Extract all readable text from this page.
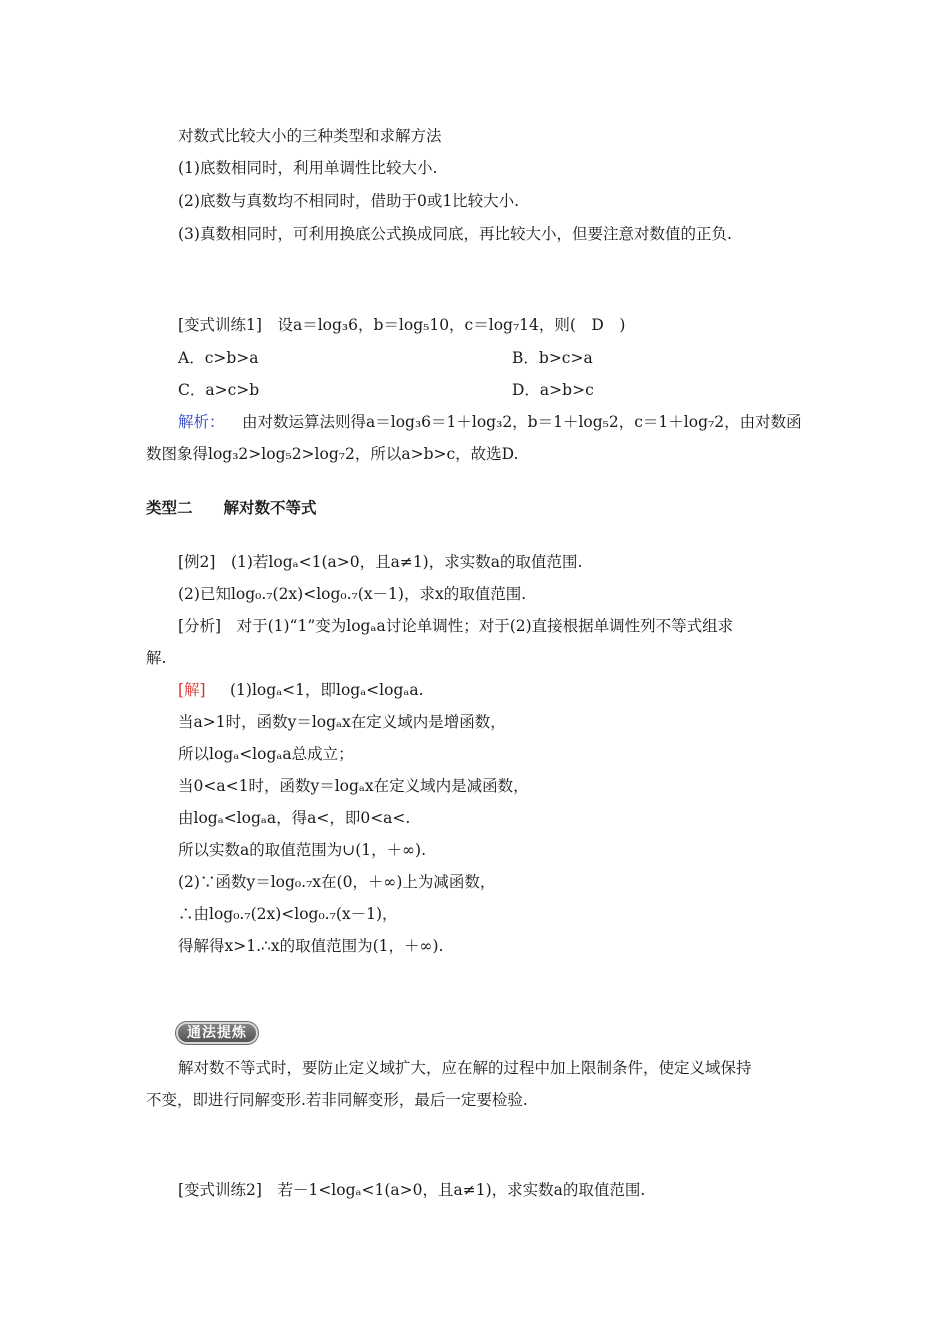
对数式比较大小的三种类型和求解方法
(1)底数相同时，利用单调性比较大小.
(2)底数与真数均不相同时，借助于0或1比较大小.
(3)真数相同时，可利用换底公式换成同底，再比较大小，但要注意对数值的正负.
[变式训练1]　设a＝log₃6，b＝log₅10，c＝log₇14，则(　D　)
A．c>b>a	B．b>c>a
C．a>c>b	D．a>b>c
解析： 由对数运算法则得a＝log₃6＝1＋log₃2，b＝1＋log₅2，c＝1＋log₇2，由对数函
数图象得log₃2>log₅2>log₇2，所以a>b>c，故选D.
类型二　　解对数不等式
[例2]　(1)若logₐ<1(a>0，且a≠1)，求实数a的取值范围.
(2)已知log₀.₇(2x)<log₀.₇(x－1)，求x的取值范围.
[分析]　对于(1)“1”变为logₐa讨论单调性；对于(2)直接根据单调性列不等式组求
解.
[解] (1)logₐ<1，即logₐ<logₐa.
当a>1时，函数y＝logₐx在定义域内是增函数，
所以logₐ<logₐa总成立；
当0<a<1时，函数y＝logₐx在定义域内是减函数，
由logₐ<logₐa，得a<，即0<a<.
所以实数a的取值范围为∪(1，＋∞).
(2)∵函数y＝log₀.₇x在(0，＋∞)上为减函数，
∴由log₀.₇(2x)<log₀.₇(x－1)，
得解得x>1.∴x的取值范围为(1，＋∞).
通法提炼
解对数不等式时，要防止定义域扩大，应在解的过程中加上限制条件，使定义域保持
不变，即进行同解变形.若非同解变形，最后一定要检验.
[变式训练2]　若－1<logₐ<1(a>0，且a≠1)，求实数a的取值范围.
